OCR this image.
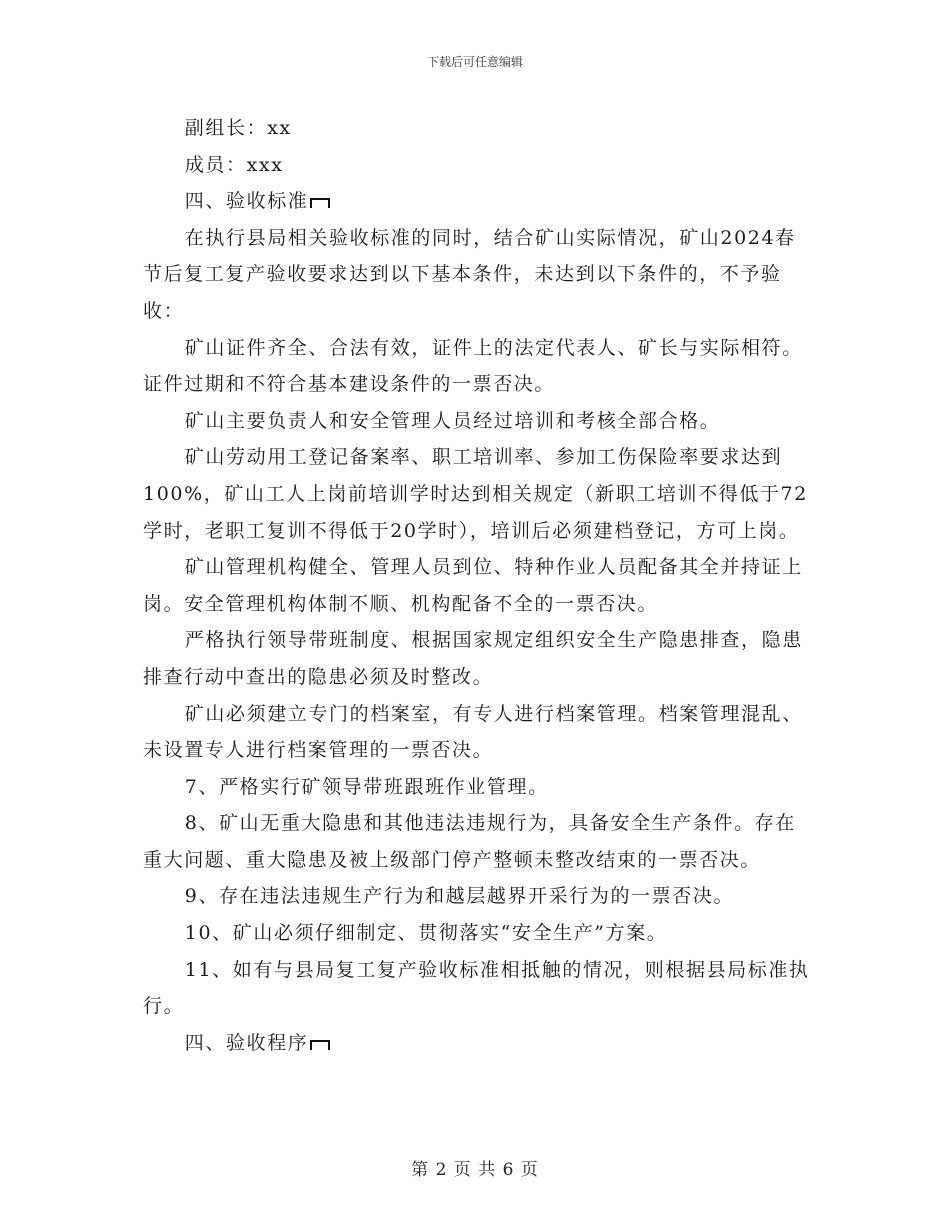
下载后可任意编辑

副组长：xx

成员：xxx

四、验收标准

在执行县局相关验收标准的同时，结合矿山实际情况，矿山2024春节后复工复产验收要求达到以下基本条件，未达到以下条件的，不予验收：

矿山证件齐全、合法有效，证件上的法定代表人、矿长与实际相符。证件过期和不符合基本建设条件的一票否决。

矿山主要负责人和安全管理人员经过培训和考核全部合格。

矿山劳动用工登记备案率、职工培训率、参加工伤保险率要求达到100%，矿山工人上岗前培训学时达到相关规定（新职工培训不得低于72学时，老职工复训不得低于20学时），培训后必须建档登记，方可上岗。

矿山管理机构健全、管理人员到位、特种作业人员配备其全并持证上岗。安全管理机构体制不顺、机构配备不全的一票否决。

严格执行领导带班制度、根据国家规定组织安全生产隐患排查，隐患排查行动中查出的隐患必须及时整改。

矿山必须建立专门的档案室，有专人进行档案管理。档案管理混乱、未设置专人进行档案管理的一票否决。

7、严格实行矿领导带班跟班作业管理。

8、矿山无重大隐患和其他违法违规行为，具备安全生产条件。存在重大问题、重大隐患及被上级部门停产整顿未整改结束的一票否决。

9、存在违法违规生产行为和越层越界开采行为的一票否决。

10、矿山必须仔细制定、贯彻落实“安全生产”方案。

11、如有与县局复工复产验收标准相抵触的情况，则根据县局标准执行。

四、验收程序

第 2 页 共 6 页
